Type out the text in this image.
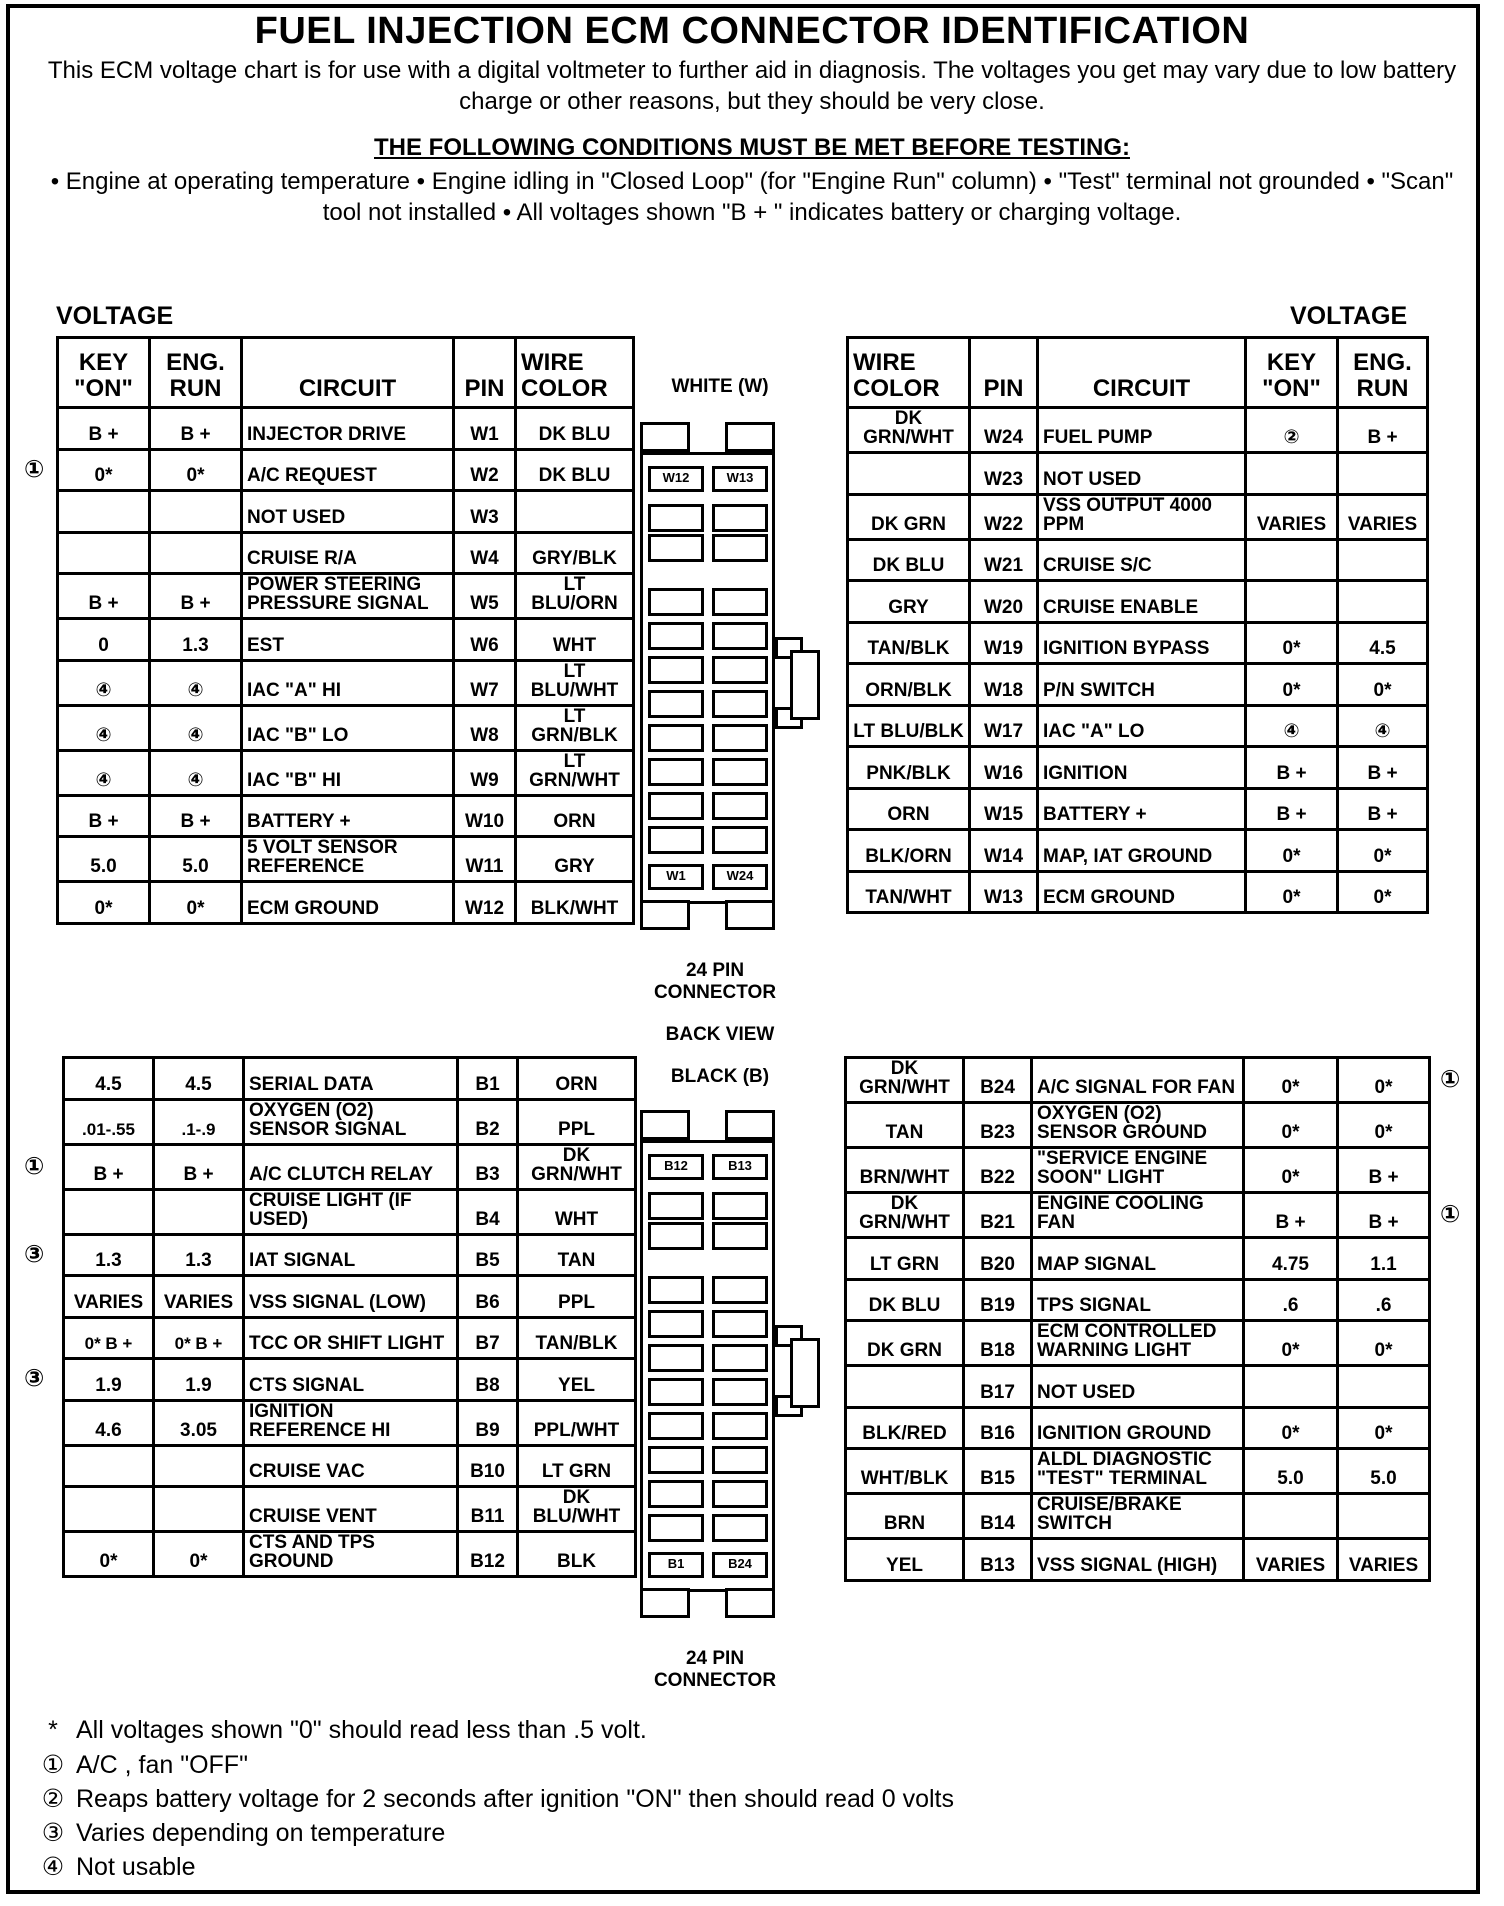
FUEL INJECTION ECM CONNECTOR IDENTIFICATION
This ECM voltage chart is for use with a digital voltmeter to further aid in diagnosis. The voltages you get may vary due to low battery charge or other reasons, but they should be very close.
THE FOLLOWING CONDITIONS MUST BE MET BEFORE TESTING:
• Engine at operating temperature • Engine idling in "Closed Loop" (for "Engine Run" column) • "Test" terminal not grounded • "Scan" tool not installed • All voltages shown "B + " indicates battery or charging voltage.
VOLTAGE	VOLTAGE
KEY "ON"	ENG. RUN	CIRCUIT	PIN	WIRE COLOR
B +	B +	INJECTOR DRIVE	W1	DK BLU
0*	0*	A/C REQUEST	W2	DK BLU
		NOT USED	W3	
		CRUISE R/A	W4	GRY/BLK
B +	B +	POWER STEERING PRESSURE SIGNAL	W5	LT BLU/ORN
0	1.3	EST	W6	WHT
④	④	IAC "A" HI	W7	LT BLU/WHT
④	④	IAC "B" LO	W8	LT GRN/BLK
④	④	IAC "B" HI	W9	LT GRN/WHT
B +	B +	BATTERY +	W10	ORN
5.0	5.0	5 VOLT SENSOR REFERENCE	W11	GRY
0*	0*	ECM GROUND	W12	BLK/WHT
WIRE COLOR	PIN	CIRCUIT	KEY "ON"	ENG. RUN
DK GRN/WHT	W24	FUEL PUMP	②	B +
	W23	NOT USED		
DK GRN	W22	VSS OUTPUT 4000 PPM	VARIES	VARIES
DK BLU	W21	CRUISE S/C		
GRY	W20	CRUISE ENABLE		
TAN/BLK	W19	IGNITION BYPASS	0*	4.5
ORN/BLK	W18	P/N SWITCH	0*	0*
LT BLU/BLK	W17	IAC "A" LO	④	④
PNK/BLK	W16	IGNITION	B +	B +
ORN	W15	BATTERY +	B +	B +
BLK/ORN	W14	MAP, IAT GROUND	0*	0*
TAN/WHT	W13	ECM GROUND	0*	0*
4.5	4.5	SERIAL DATA	B1	ORN
.01-.55	.1-.9	OXYGEN (O2) SENSOR SIGNAL	B2	PPL
B +	B +	A/C CLUTCH RELAY	B3	DK GRN/WHT
		CRUISE LIGHT (IF USED)	B4	WHT
1.3	1.3	IAT SIGNAL	B5	TAN
VARIES	VARIES	VSS SIGNAL (LOW)	B6	PPL
0* B +	0* B +	TCC OR SHIFT LIGHT	B7	TAN/BLK
1.9	1.9	CTS SIGNAL	B8	YEL
4.6	3.05	IGNITION REFERENCE HI	B9	PPL/WHT
		CRUISE VAC	B10	LT GRN
		CRUISE VENT	B11	DK BLU/WHT
0*	0*	CTS AND TPS GROUND	B12	BLK
DK GRN/WHT	B24	A/C SIGNAL FOR FAN	0*	0*
TAN	B23	OXYGEN (O2) SENSOR GROUND	0*	0*
BRN/WHT	B22	"SERVICE ENGINE SOON" LIGHT	0*	B +
DK GRN/WHT	B21	ENGINE COOLING FAN	B +	B +
LT GRN	B20	MAP SIGNAL	4.75	1.1
DK BLU	B19	TPS SIGNAL	.6	.6
DK GRN	B18	ECM CONTROLLED WARNING LIGHT	0*	0*
	B17	NOT USED		
BLK/RED	B16	IGNITION GROUND	0*	0*
WHT/BLK	B15	ALDL DIAGNOSTIC "TEST" TERMINAL	5.0	5.0
BRN	B14	CRUISE/BRAKE SWITCH		
YEL	B13	VSS SIGNAL (HIGH)	VARIES	VARIES
WHITE (W)
W12	W13
W1	W24
24 PIN CONNECTOR
BACK VIEW
BLACK (B)
B12	B13
B1	B24
24 PIN CONNECTOR
* All voltages shown "0" should read less than .5 volt.
① A/C , fan "OFF"
② Reaps battery voltage for 2 seconds after ignition "ON" then should read 0 volts
③ Varies depending on temperature
④ Not usable
①
①
③
③
①
①
